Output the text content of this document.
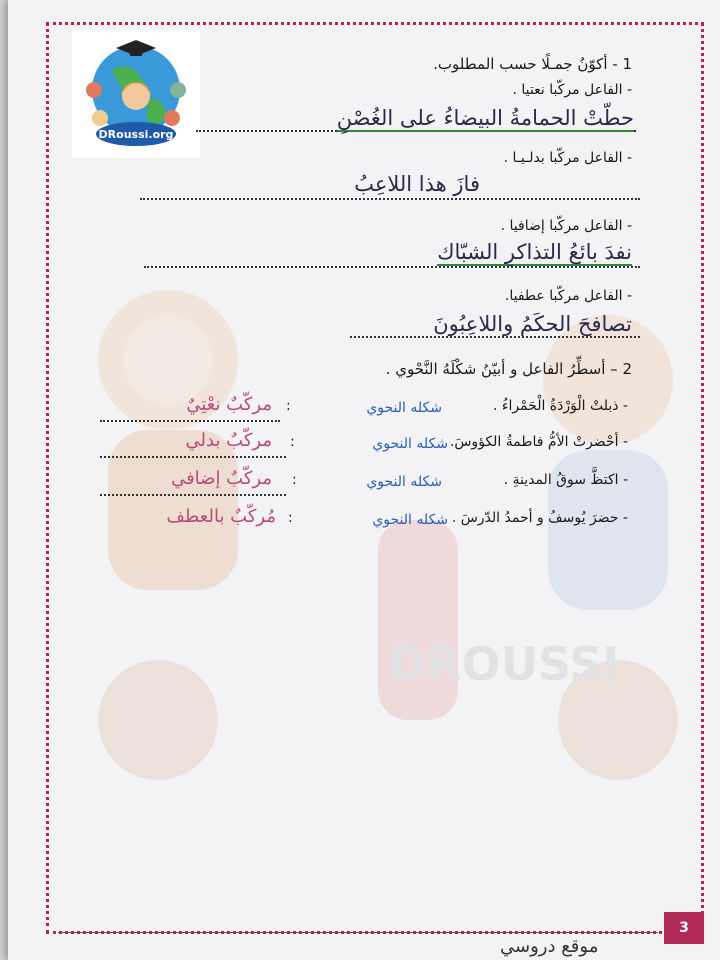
DROUSSI
DRoussi.org
1 - أكوّنُ جمـلًا حسب المطلوب.
- الفاعل مركّبا نعتيا .
حطّتْ الحمامةُ البيضاءُ على الغُصْنِ
- الفاعل مركّبا بدلـيـا .
فازَ هذا اللاعِبُ
- الفاعل مركّبا إضافيا .
نفدَ بائعُ التذاكرِ الشبّاك
- الفاعل مركّبا عطفيا.
تصافحَ الحكَمُ واللاعِبُونَ
2 – أسطِّرُ الفاعل و أبيّنُ شكْلَهُ النَّحْوي .
- ذبلتْ الْوَرْدَةُ الْحَمْراءُ .
شكله النحوي
:
مركّبٌ نعْتِيٌ
- أحْضرتْ الأمُّ فاطمةُ الكؤوسَ.
شكله النحوي
:
مركّبٌ بدلي
- اكتظَّ سوقُ المدينةِ .
شكله النحوي
:
مركّبٌ إضافي
- حضرَ يُوسفُ و أحمدُ الدّرسَ .
شكله النحوي
:
مُركّبٌ بالعطف
3
موقع دروسي
